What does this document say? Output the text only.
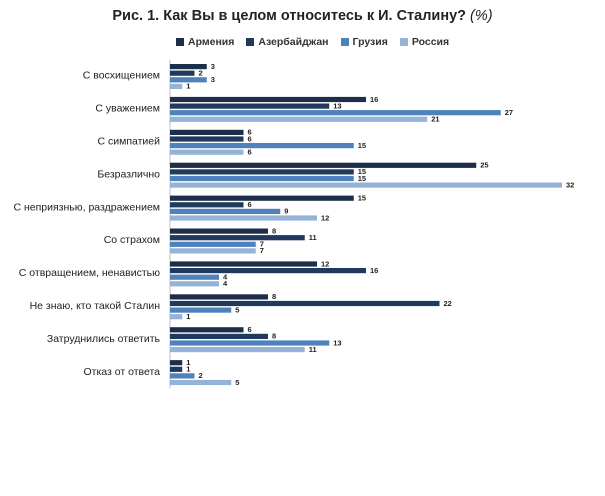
Рис. 1. Как Вы в целом относитесь к И. Сталину? (%)
Армения Азербайджан Грузия Россия
С восхищением
3
2
3
1
С уважением
16
13
27
21
С симпатией
6
6
15
6
Безразлично
25
15
15
32
С неприязнью, раздражением
15
6
9
12
Со страхом
8
11
7
7
С отвращением, ненавистью
12
16
4
4
Не знаю, кто такой Сталин
8
22
5
1
Затруднились ответить
6
8
13
11
Отказ от ответа
1
1
2
5
